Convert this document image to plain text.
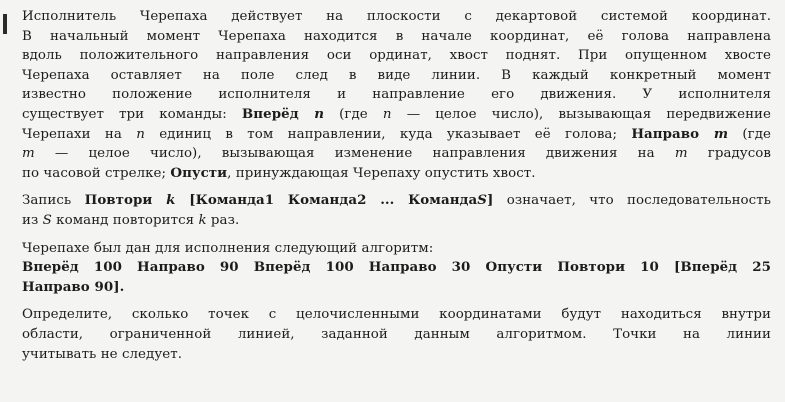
Исполнитель Черепаха действует на плоскости с декартовой системой координат.
В начальный момент Черепаха находится в начале координат, её голова направлена
вдоль положительного направления оси ординат, хвост поднят. При опущенном хвосте
Черепаха оставляет на поле след в виде линии. В каждый конкретный момент
известно положение исполнителя и направление его движения. У исполнителя
существует три команды: Вперёд n (где n — целое число), вызывающая передвижение
Черепахи на n единиц в том направлении, куда указывает её голова; Направо m (где
m — целое число), вызывающая изменение направления движения на m градусов
по часовой стрелке; Опусти, принуждающая Черепаху опустить хвост.

Запись Повтори k [Команда1 Команда2 ... КомандаS] означает, что последовательность
из S команд повторится k раз.

Черепахе был дан для исполнения следующий алгоритм:
Вперёд 100 Направо 90 Вперёд 100 Направо 30 Опусти Повтори 10 [Вперёд 25
Направо 90].

Определите, сколько точек с целочисленными координатами будут находиться внутри
области, ограниченной линией, заданной данным алгоритмом. Точки на линии
учитывать не следует.
